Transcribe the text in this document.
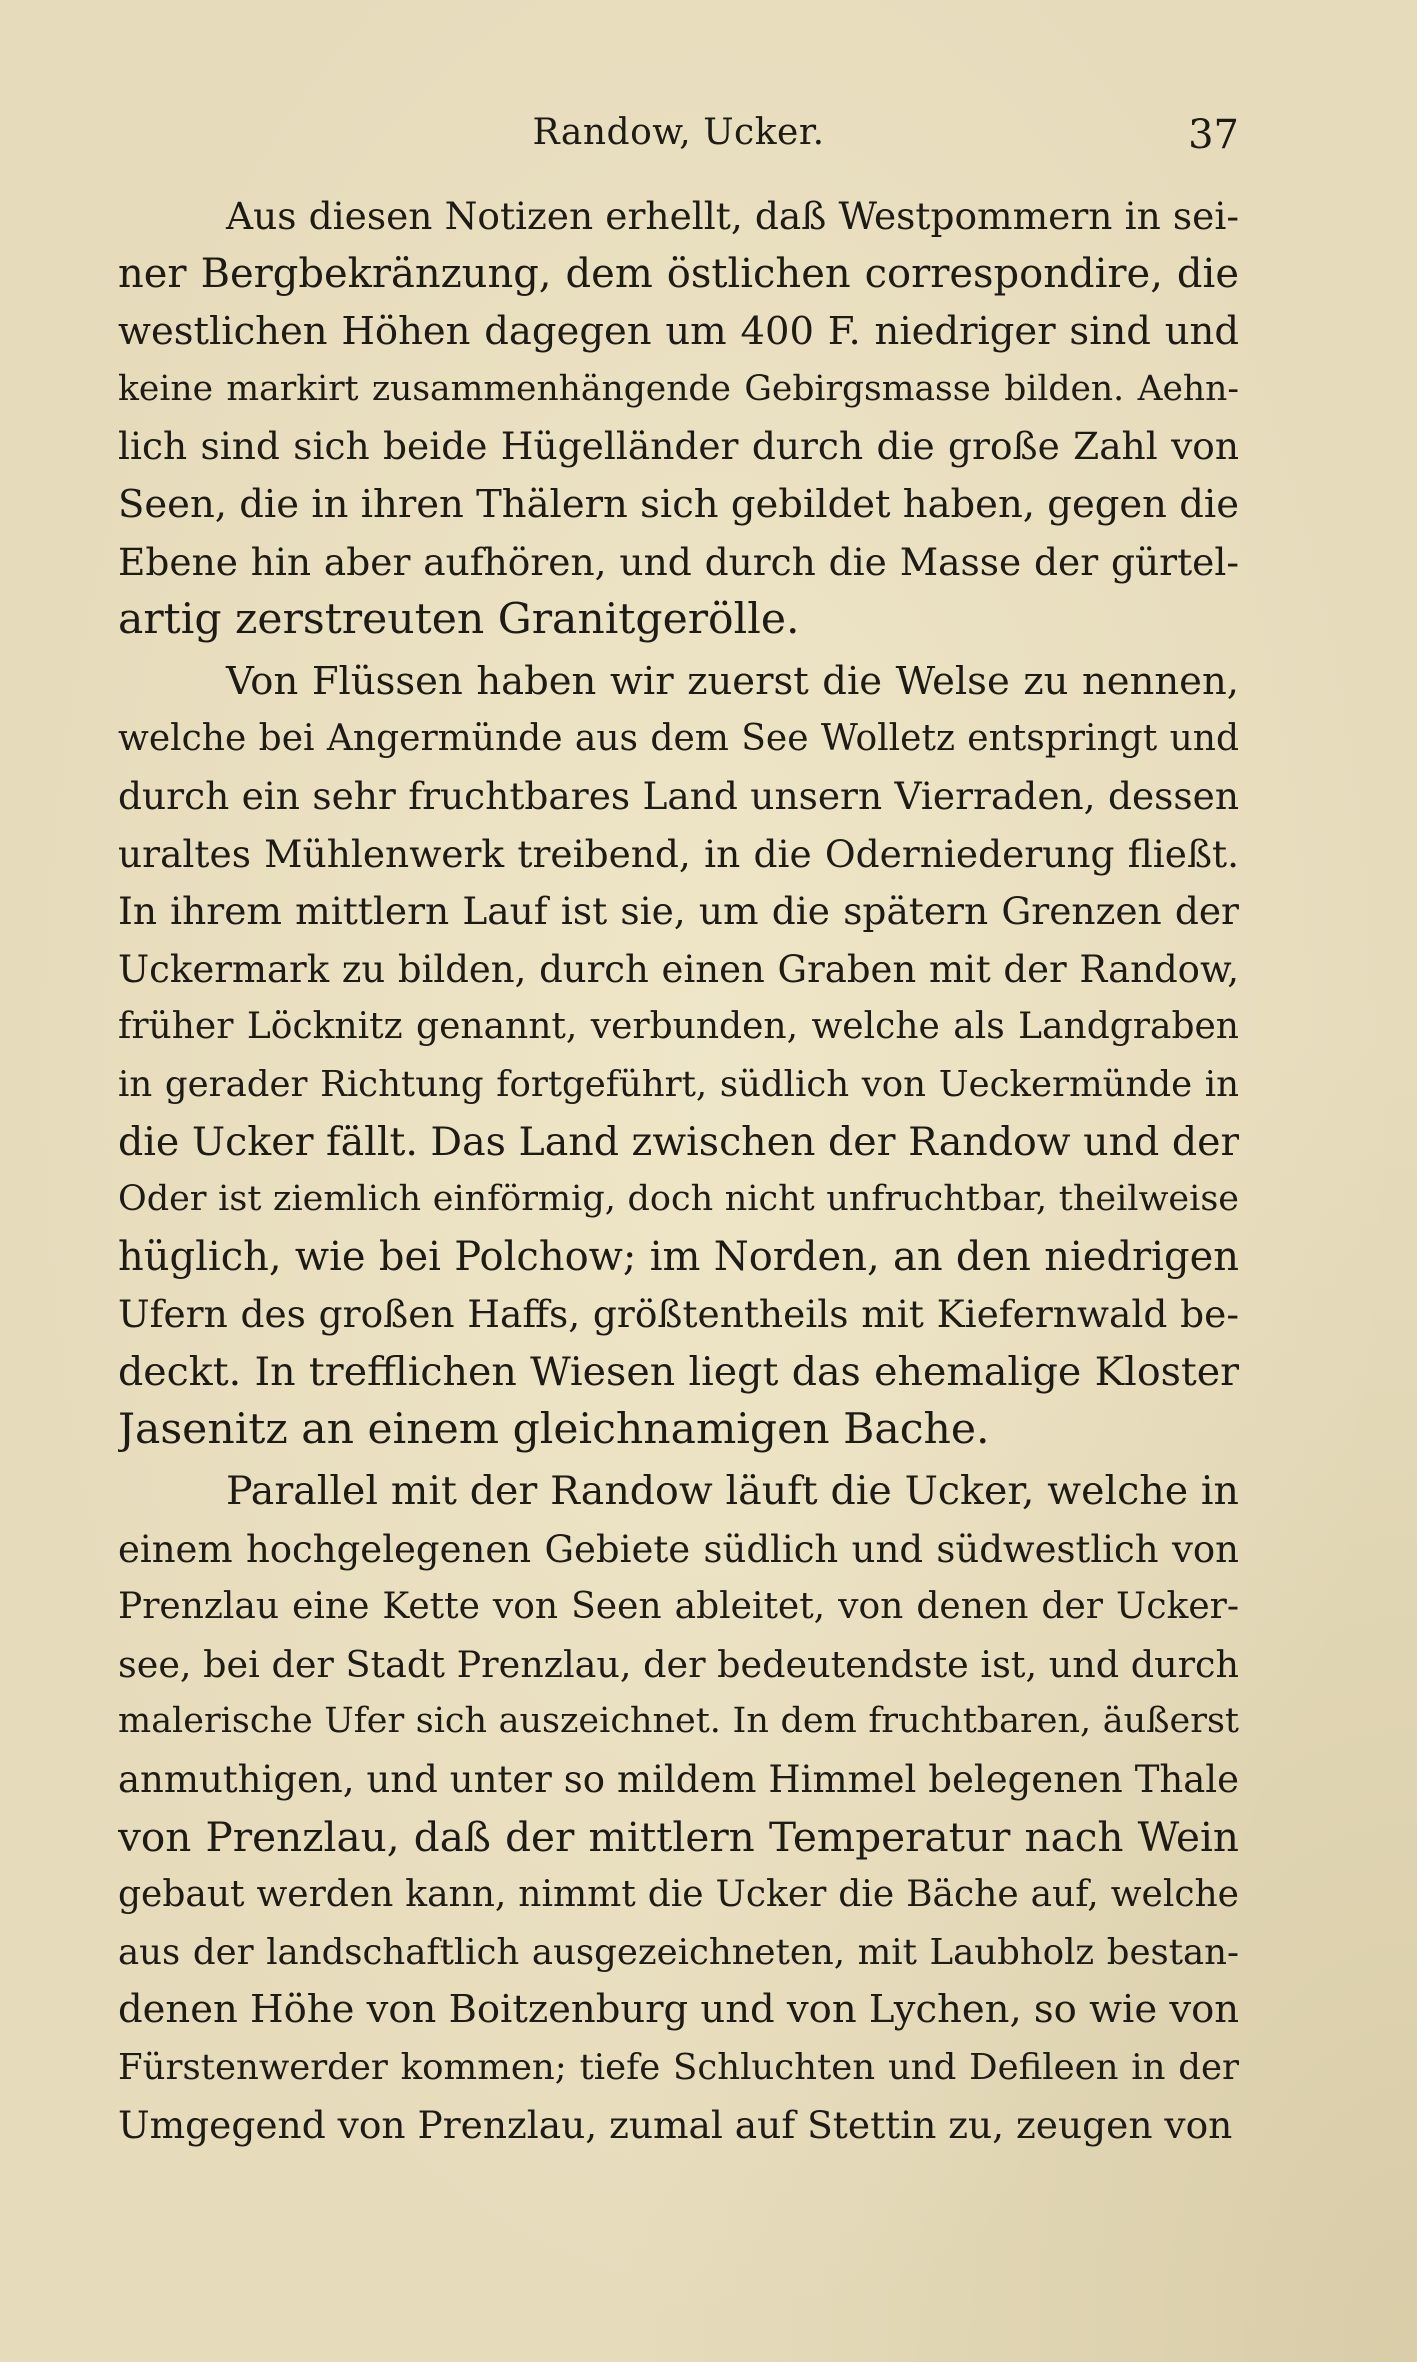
Randow, Ucker.	37
Aus diesen Notizen erhellt, daß Westpommern in sei-
ner Bergbekränzung, dem östlichen correspondire, die
westlichen Höhen dagegen um 400 F. niedriger sind und
keine markirt zusammenhängende Gebirgsmasse bilden. Aehn-
lich sind sich beide Hügelländer durch die große Zahl von
Seen, die in ihren Thälern sich gebildet haben, gegen die
Ebene hin aber aufhören, und durch die Masse der gürtel-
artig zerstreuten Granitgerölle.
Von Flüssen haben wir zuerst die Welse zu nennen,
welche bei Angermünde aus dem See Wolletz entspringt und
durch ein sehr fruchtbares Land unsern Vierraden, dessen
uraltes Mühlenwerk treibend, in die Oderniederung fließt.
In ihrem mittlern Lauf ist sie, um die spätern Grenzen der
Uckermark zu bilden, durch einen Graben mit der Randow,
früher Löcknitz genannt, verbunden, welche als Landgraben
in gerader Richtung fortgeführt, südlich von Ueckermünde in
die Ucker fällt. Das Land zwischen der Randow und der
Oder ist ziemlich einförmig, doch nicht unfruchtbar, theilweise
hüglich, wie bei Polchow; im Norden, an den niedrigen
Ufern des großen Haffs, größtentheils mit Kiefernwald be-
deckt. In trefflichen Wiesen liegt das ehemalige Kloster
Jasenitz an einem gleichnamigen Bache.
Parallel mit der Randow läuft die Ucker, welche in
einem hochgelegenen Gebiete südlich und südwestlich von
Prenzlau eine Kette von Seen ableitet, von denen der Ucker-
see, bei der Stadt Prenzlau, der bedeutendste ist, und durch
malerische Ufer sich auszeichnet. In dem fruchtbaren, äußerst
anmuthigen, und unter so mildem Himmel belegenen Thale
von Prenzlau, daß der mittlern Temperatur nach Wein
gebaut werden kann, nimmt die Ucker die Bäche auf, welche
aus der landschaftlich ausgezeichneten, mit Laubholz bestan-
denen Höhe von Boitzenburg und von Lychen, so wie von
Fürstenwerder kommen; tiefe Schluchten und Defileen in der
Umgegend von Prenzlau, zumal auf Stettin zu, zeugen von
